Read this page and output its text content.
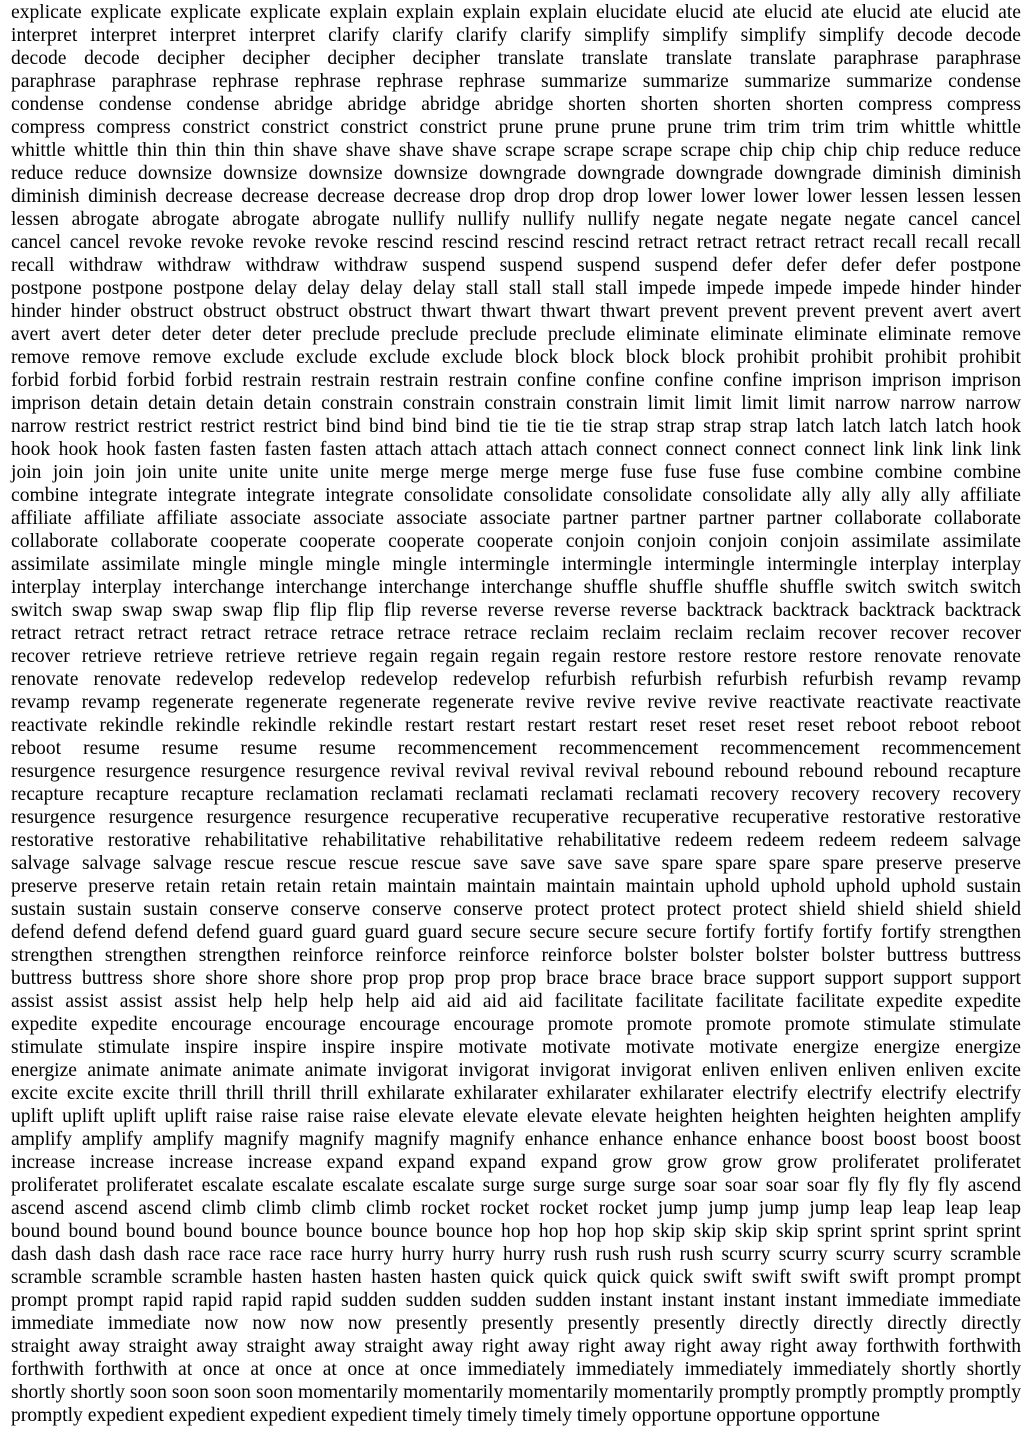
explicate explicate explicate explicate explain explain explain explain elucidate elucid ate elucid ate elucid ate elucid ate
interpret interpret interpret interpret clarify clarify clarify clarify simplify simplify simplify simplify decode decode
decode decode decipher decipher decipher decipher translate translate translate translate paraphrase paraphrase
paraphrase paraphrase rephrase rephrase rephrase rephrase summarize summarize summarize summarize condense
condense condense condense abridge abridge abridge abridge shorten shorten shorten shorten compress compress
compress compress constrict constrict constrict constrict prune prune prune prune trim trim trim trim whittle whittle
whittle whittle thin thin thin thin shave shave shave shave scrape scrape scrape scrape chip chip chip chip reduce reduce
reduce reduce downsize downsize downsize downsize downgrade downgrade downgrade downgrade diminish diminish
diminish diminish decrease decrease decrease decrease drop drop drop drop lower lower lower lower lessen lessen lessen
lessen abrogate abrogate abrogate abrogate nullify nullify nullify nullify negate negate negate negate cancel cancel
cancel cancel revoke revoke revoke revoke rescind rescind rescind rescind retract retract retract retract recall recall recall
recall withdraw withdraw withdraw withdraw suspend suspend suspend suspend defer defer defer defer postpone
postpone postpone postpone delay delay delay delay stall stall stall stall impede impede impede impede hinder hinder
hinder hinder obstruct obstruct obstruct obstruct thwart thwart thwart thwart prevent prevent prevent prevent avert avert
avert avert deter deter deter deter preclude preclude preclude preclude eliminate eliminate eliminate eliminate remove
remove remove remove exclude exclude exclude exclude block block block block prohibit prohibit prohibit prohibit
forbid forbid forbid forbid restrain restrain restrain restrain confine confine confine confine imprison imprison imprison
imprison detain detain detain detain constrain constrain constrain constrain limit limit limit limit narrow narrow narrow
narrow restrict restrict restrict restrict bind bind bind bind tie tie tie tie strap strap strap strap latch latch latch latch hook
hook hook hook fasten fasten fasten fasten attach attach attach attach connect connect connect connect link link link link
join join join join unite unite unite unite merge merge merge merge fuse fuse fuse fuse combine combine combine
combine integrate integrate integrate integrate consolidate consolidate consolidate consolidate ally ally ally ally affiliate
affiliate affiliate affiliate associate associate associate associate partner partner partner partner collaborate collaborate
collaborate collaborate cooperate cooperate cooperate cooperate conjoin conjoin conjoin conjoin assimilate assimilate
assimilate assimilate mingle mingle mingle mingle intermingle intermingle intermingle intermingle interplay interplay
interplay interplay interchange interchange interchange interchange shuffle shuffle shuffle shuffle switch switch switch
switch swap swap swap swap flip flip flip flip reverse reverse reverse reverse backtrack backtrack backtrack backtrack
retract retract retract retract retrace retrace retrace retrace reclaim reclaim reclaim reclaim recover recover recover
recover retrieve retrieve retrieve retrieve regain regain regain regain restore restore restore restore renovate renovate
renovate renovate redevelop redevelop redevelop redevelop refurbish refurbish refurbish refurbish revamp revamp
revamp revamp regenerate regenerate regenerate regenerate revive revive revive revive reactivate reactivate reactivate
reactivate rekindle rekindle rekindle rekindle restart restart restart restart reset reset reset reset reboot reboot reboot
reboot resume resume resume resume recommencement recommencement recommencement recommencement
resurgence resurgence resurgence resurgence revival revival revival revival rebound rebound rebound rebound recapture
recapture recapture recapture reclamation reclamati reclamati reclamati reclamati recovery recovery recovery recovery
resurgence resurgence resurgence resurgence recuperative recuperative recuperative recuperative restorative restorative
restorative restorative rehabilitative rehabilitative rehabilitative rehabilitative redeem redeem redeem redeem salvage
salvage salvage salvage rescue rescue rescue rescue save save save save spare spare spare spare preserve preserve
preserve preserve retain retain retain retain maintain maintain maintain maintain uphold uphold uphold uphold sustain
sustain sustain sustain conserve conserve conserve conserve protect protect protect protect shield shield shield shield
defend defend defend defend guard guard guard guard secure secure secure secure fortify fortify fortify fortify strengthen
strengthen strengthen strengthen reinforce reinforce reinforce reinforce bolster bolster bolster bolster buttress buttress
buttress buttress shore shore shore shore prop prop prop prop brace brace brace brace support support support support
assist assist assist assist help help help help aid aid aid aid facilitate facilitate facilitate facilitate expedite expedite
expedite expedite encourage encourage encourage encourage promote promote promote promote stimulate stimulate
stimulate stimulate inspire inspire inspire inspire motivate motivate motivate motivate energize energize energize
energize animate animate animate animate invigorat invigorat invigorat invigorat enliven enliven enliven enliven excite
excite excite excite thrill thrill thrill thrill exhilarate exhilarater exhilarater exhilarater electrify electrify electrify electrify
uplift uplift uplift uplift raise raise raise raise elevate elevate elevate elevate heighten heighten heighten heighten amplify
amplify amplify amplify magnify magnify magnify magnify enhance enhance enhance enhance boost boost boost boost
increase increase increase increase expand expand expand expand grow grow grow grow proliferatet proliferatet
proliferatet proliferatet escalate escalate escalate escalate surge surge surge surge soar soar soar soar fly fly fly fly ascend
ascend ascend ascend climb climb climb climb rocket rocket rocket rocket jump jump jump jump leap leap leap leap
bound bound bound bound bounce bounce bounce bounce hop hop hop hop skip skip skip skip sprint sprint sprint sprint
dash dash dash dash race race race race hurry hurry hurry hurry rush rush rush rush scurry scurry scurry scurry scramble
scramble scramble scramble hasten hasten hasten hasten quick quick quick quick swift swift swift swift prompt prompt
prompt prompt rapid rapid rapid rapid sudden sudden sudden sudden instant instant instant instant immediate immediate
immediate immediate now now now now presently presently presently presently directly directly directly directly
straight away straight away straight away straight away right away right away right away right away forthwith forthwith
forthwith forthwith at once at once at once at once immediately immediately immediately immediately shortly shortly
shortly shortly soon soon soon soon momentarily momentarily momentarily momentarily promptly promptly promptly promptly
promptly expedient expedient expedient expedient timely timely timely timely opportune opportune opportune
